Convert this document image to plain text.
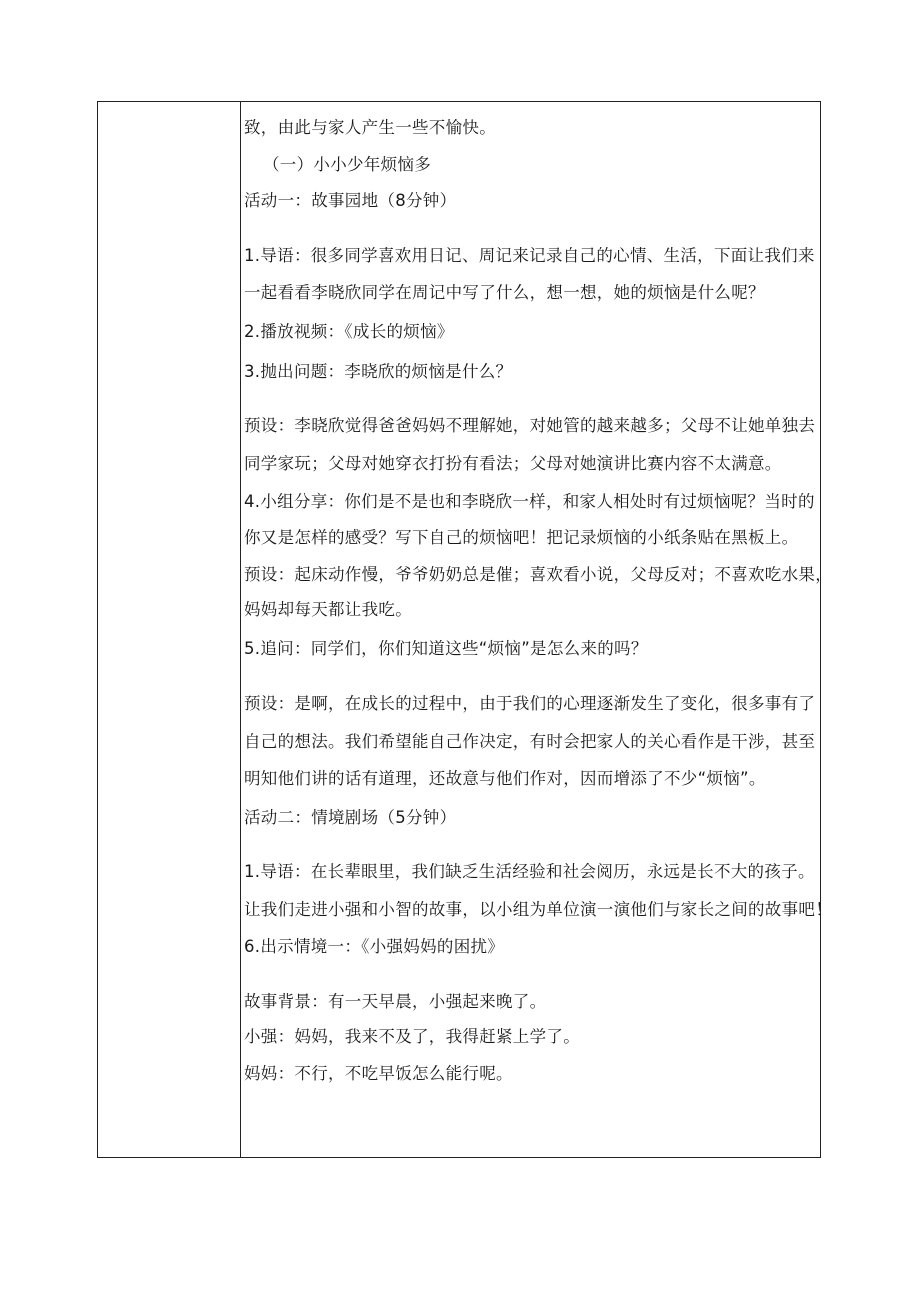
致，由此与家人产生一些不愉快。
（一）小小少年烦恼多
活动一：故事园地（8分钟）
1.导语：很多同学喜欢用日记、周记来记录自己的心情、生活，下面让我们来
一起看看李晓欣同学在周记中写了什么，想一想，她的烦恼是什么呢？
2.播放视频：《成长的烦恼》
3.抛出问题：李晓欣的烦恼是什么？
预设：李晓欣觉得爸爸妈妈不理解她，对她管的越来越多；父母不让她单独去
同学家玩；父母对她穿衣打扮有看法；父母对她演讲比赛内容不太满意。
4.小组分享：你们是不是也和李晓欣一样，和家人相处时有过烦恼呢？当时的
你又是怎样的感受？写下自己的烦恼吧！把记录烦恼的小纸条贴在黑板上。
预设：起床动作慢，爷爷奶奶总是催；喜欢看小说，父母反对；不喜欢吃水果，
妈妈却每天都让我吃。
5.追问：同学们，你们知道这些“烦恼”是怎么来的吗？
预设：是啊，在成长的过程中，由于我们的心理逐渐发生了变化，很多事有了
自己的想法。我们希望能自己作决定，有时会把家人的关心看作是干涉，甚至
明知他们讲的话有道理，还故意与他们作对，因而增添了不少“烦恼”。
活动二：情境剧场（5分钟）
1.导语：在长辈眼里，我们缺乏生活经验和社会阅历，永远是长不大的孩子。
让我们走进小强和小智的故事，以小组为单位演一演他们与家长之间的故事吧！
6.出示情境一：《小强妈妈的困扰》
故事背景：有一天早晨，小强起来晚了。
小强：妈妈，我来不及了，我得赶紧上学了。
妈妈：不行，不吃早饭怎么能行呢。
